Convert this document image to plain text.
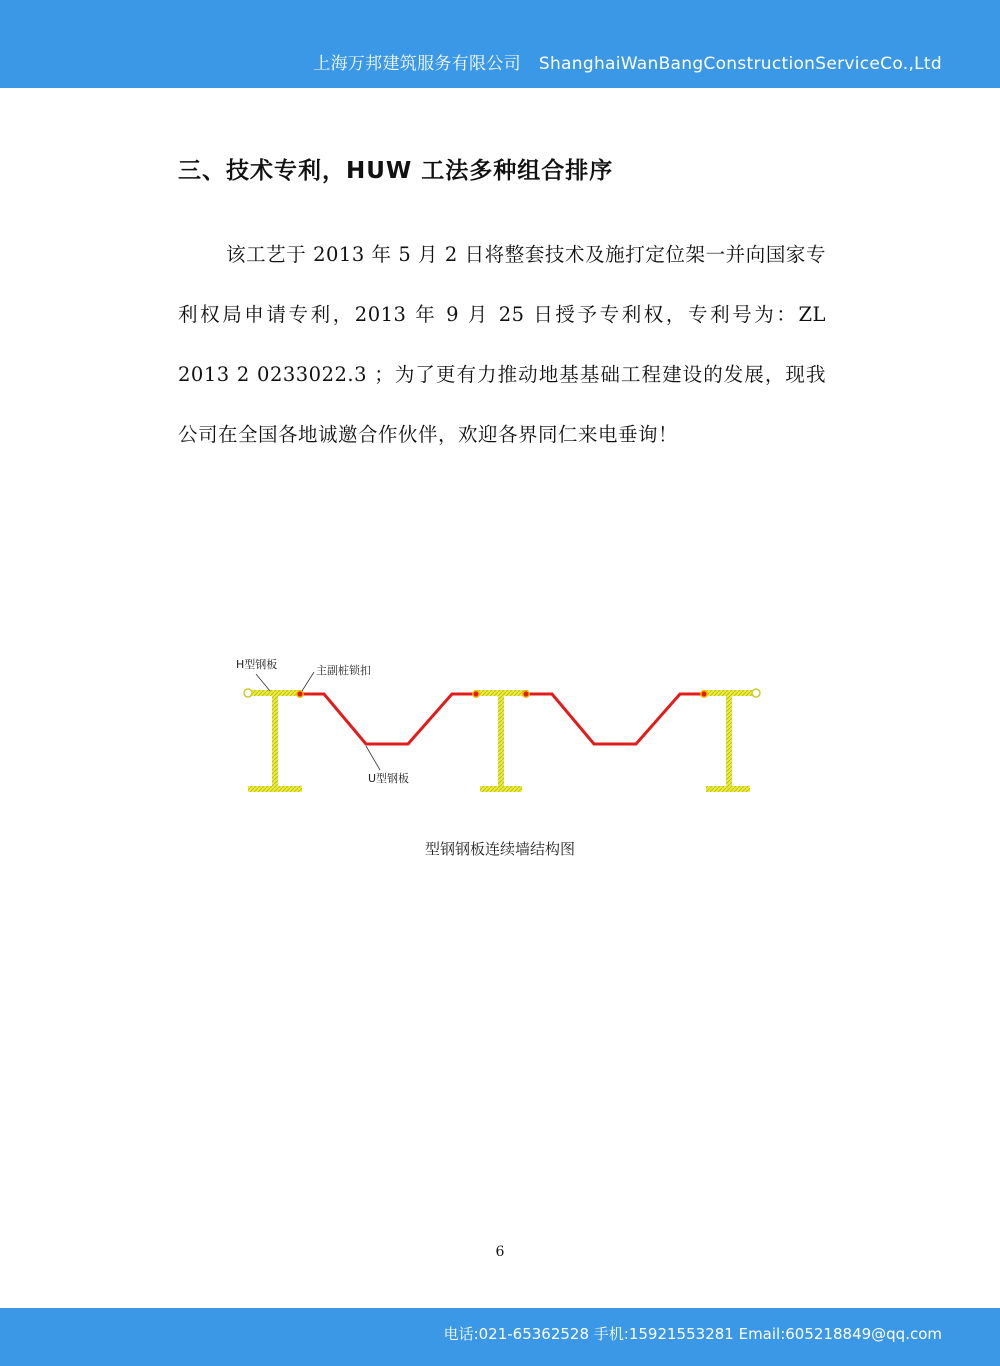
上海万邦建筑服务有限公司 ShanghaiWanBangConstructionServiceCo.,Ltd
三、技术专利，HUW 工法多种组合排序
该工艺于 2013 年 5 月 2 日将整套技术及施打定位架一并向国家专利权局申请专利，2013 年 9 月 25 日授予专利权，专利号为：ZL 2013 2 0233022.3 ；为了更有力推动地基基础工程建设的发展，现我公司在全国各地诚邀合作伙伴，欢迎各界同仁来电垂询！
H型钢板	主副桩锁扣
U型钢板
型钢钢板连续墙结构图
6
电话:021-65362528 手机:15921553281 Email:605218849@qq.com
